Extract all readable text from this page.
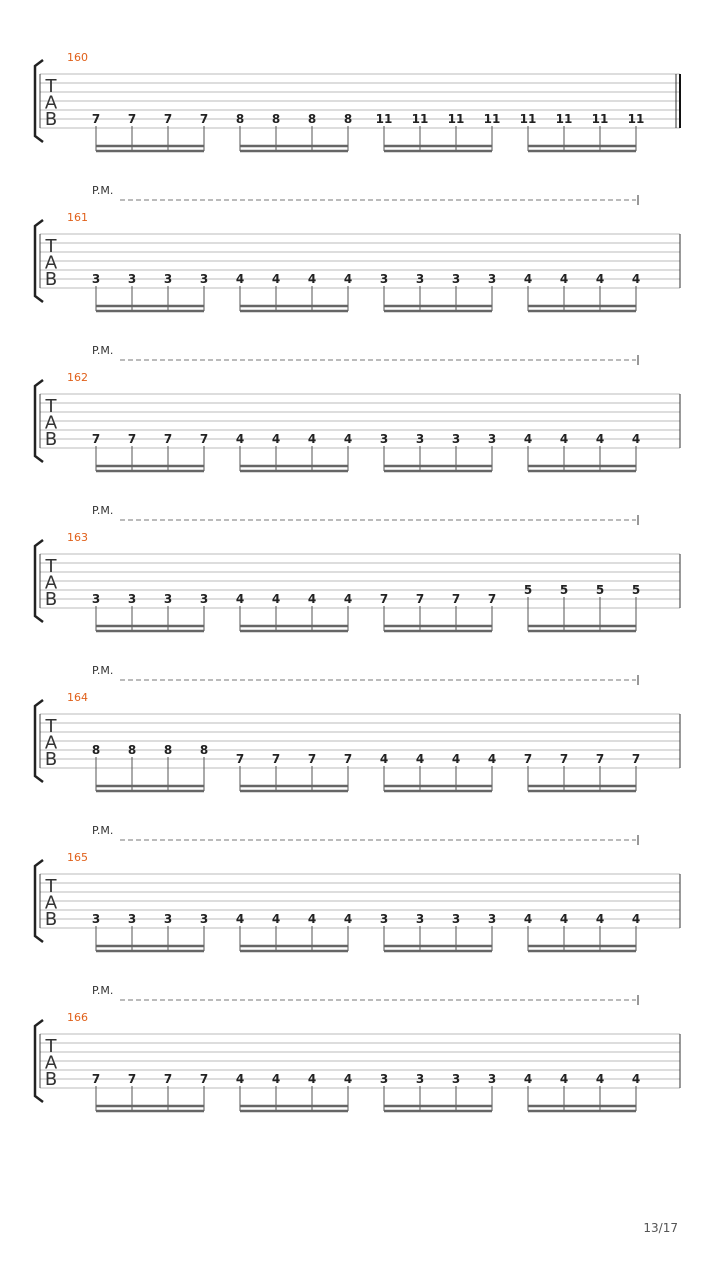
160
T
A
B	7 7 7 7 8 8 8 8 11 11 11 11 11 11 11 11
P.M.
161
T
A
B	3 3 3 3 4 4 4 4 3 3 3 3 4 4 4 4
P.M.
162
T
A
B	7 7 7 7 4 4 4 4 3 3 3 3 4 4 4 4
P.M.
163
T
A
B	3 3 3 3 4 4 4 4 7 7 7 7
5 5 5 5
P.M.
164
T
A
B	8 8 8 8
7 7 7 7 4 4 4 4 7 7 7 7
P.M.
165
T
A
B	3 3 3 3 4 4 4 4 3 3 3 3 4 4 4 4
P.M.
166
T
A
B	7 7 7 7 4 4 4 4 3 3 3 3 4 4 4 4
13/17
